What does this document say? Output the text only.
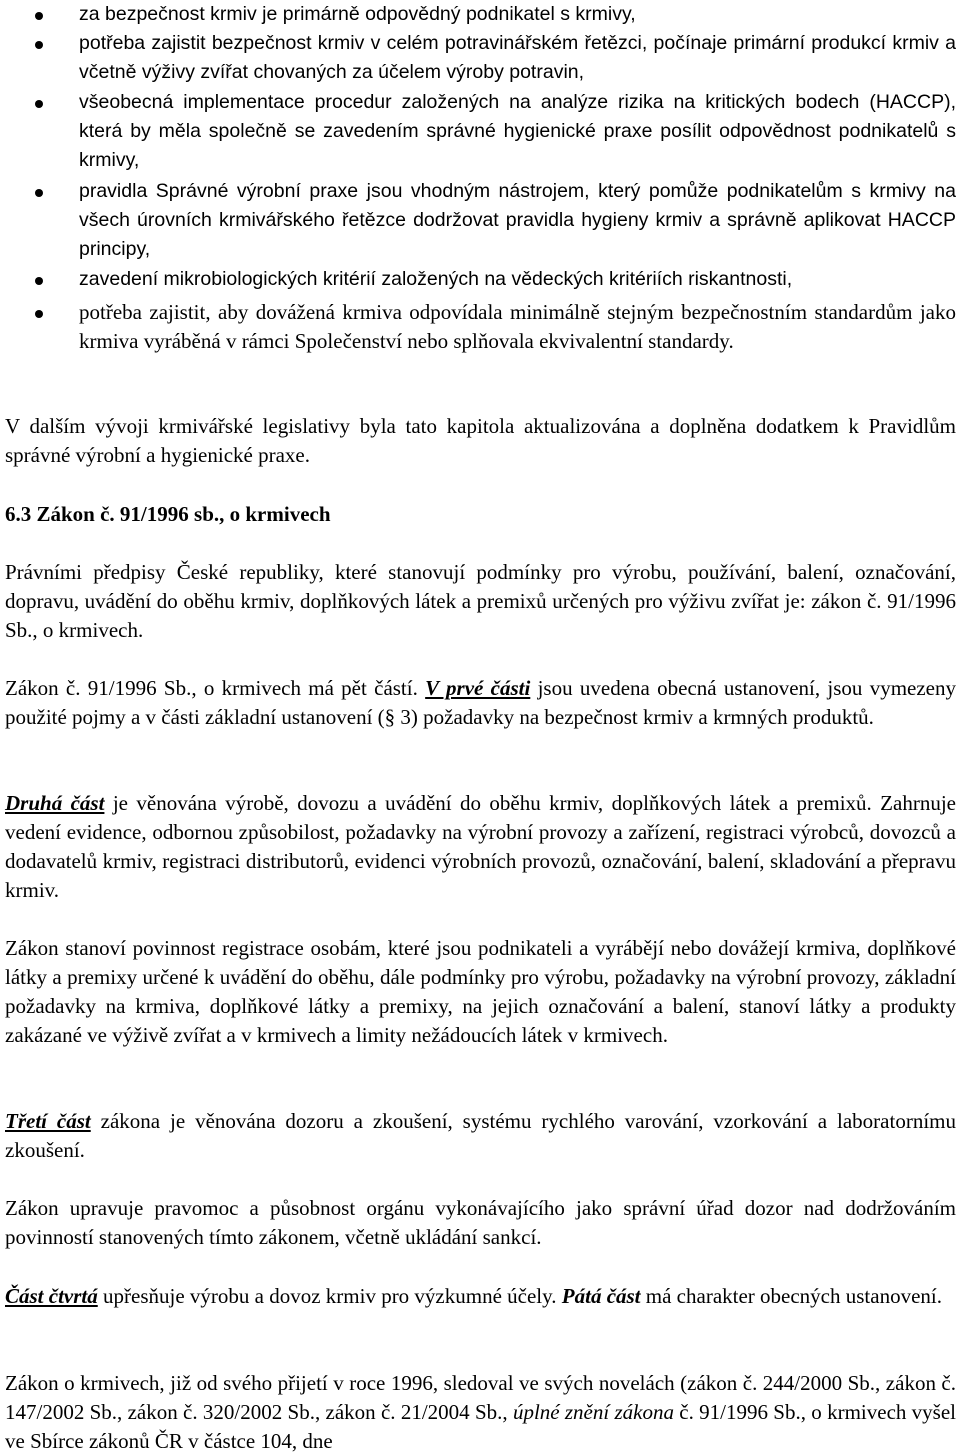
za bezpečnost krmiv je primárně odpovědný podnikatel s krmivy,
potřeba zajistit bezpečnost krmiv v celém potravinářském řetězci, počínaje primární produkcí krmiv a včetně výživy zvířat chovaných za účelem výroby potravin,
všeobecná implementace procedur založených na analýze rizika na kritických bodech (HACCP), která by měla společně se zavedením správné hygienické praxe posílit odpovědnost podnikatelů s krmivy,
pravidla Správné výrobní praxe jsou vhodným nástrojem, který pomůže podnikatelům s krmivy na všech úrovních krmivářského řetězce dodržovat pravidla hygieny krmiv a správně aplikovat HACCP principy,
zavedení mikrobiologických kritérií založených na vědeckých kritériích riskantnosti,
potřeba zajistit, aby dovážená krmiva odpovídala minimálně stejným bezpečnostním standardům jako krmiva vyráběná v rámci Společenství nebo splňovala ekvivalentní standardy.

V dalším vývoji krmivářské legislativy byla tato kapitola aktualizována a doplněna dodatkem k Pravidlům správné výrobní a hygienické praxe.

6.3 Zákon č. 91/1996 sb., o krmivech

Právními předpisy České republiky, které stanovují podmínky pro výrobu, používání, balení, označování, dopravu, uvádění do oběhu krmiv, doplňkových látek a premixů určených pro výživu zvířat je: zákon č. 91/1996 Sb., o krmivech.

Zákon č. 91/1996 Sb., o krmivech má pět částí. V prvé části jsou uvedena obecná ustanovení, jsou vymezeny použité pojmy a v části základní ustanovení (§ 3) požadavky na bezpečnost krmiv a krmných produktů.

Druhá část je věnována výrobě, dovozu a uvádění do oběhu krmiv, doplňkových látek a premixů. Zahrnuje vedení evidence, odbornou způsobilost, požadavky na výrobní provozy a zařízení, registraci výrobců, dovozců a dodavatelů krmiv, registraci distributorů, evidenci výrobních provozů, označování, balení, skladování a přepravu krmiv.

Zákon stanoví povinnost registrace osobám, které jsou podnikateli a vyrábějí nebo dovážejí krmiva, doplňkové látky a premixy určené k uvádění do oběhu, dále podmínky pro výrobu, požadavky na výrobní provozy, základní požadavky na krmiva, doplňkové látky a premixy, na jejich označování a balení, stanoví látky a produkty zakázané ve výživě zvířat a v krmivech a limity nežádoucích látek v krmivech.

Třetí část zákona je věnována dozoru a zkoušení, systému rychlého varování, vzorkování a laboratornímu zkoušení.

Zákon upravuje pravomoc a působnost orgánu vykonávajícího jako správní úřad dozor nad dodržováním povinností stanovených tímto zákonem, včetně ukládání sankcí.

Část čtvrtá upřesňuje výrobu a dovoz krmiv pro výzkumné účely. Pátá část má charakter obecných ustanovení.

Zákon o krmivech, již od svého přijetí v roce 1996, sledoval ve svých novelách (zákon č. 244/2000 Sb., zákon č. 147/2002 Sb., zákon č. 320/2002 Sb., zákon č. 21/2004 Sb., úplné znění zákona č. 91/1996 Sb., o krmivech vyšel ve Sbírce zákonů ČR v částce 104, dne
